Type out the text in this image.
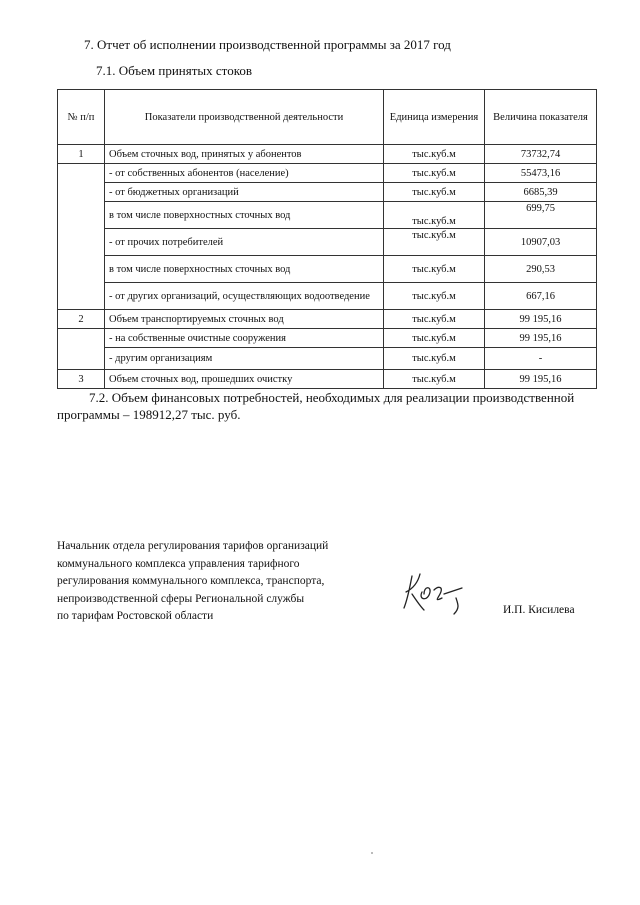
7. Отчет об исполнении производственной программы за 2017 год
7.1. Объем принятых стоков
№ п/п	Показатели производственной деятельности	Единица измерения	Величина показателя
1	Объем сточных вод, принятых у абонентов	тыс.куб.м	73732,74
	- от собственных абонентов (население)	тыс.куб.м	55473,16
	- от бюджетных организаций	тыс.куб.м	6685,39
	в том числе поверхностных сточных вод	тыс.куб.м	699,75
	- от прочих потребителей	тыс.куб.м	10907,03
	в том числе поверхностных сточных вод	тыс.куб.м	290,53
	- от других организаций, осуществляющих водоотведение	тыс.куб.м	667,16
2	Объем транспортируемых сточных вод	тыс.куб.м	99 195,16
	- на собственные очистные сооружения	тыс.куб.м	99 195,16
	- другим организациям	тыс.куб.м	-
3	Объем сточных вод, прошедших очистку	тыс.куб.м	99 195,16
7.2. Объем финансовых потребностей, необходимых для реализации производственной программы – 198912,27 тыс. руб.
Начальник отдела регулирования тарифов организаций
коммунального комплекса управления тарифного
регулирования коммунального комплекса, транспорта,
непроизводственной сферы Региональной службы
по тарифам Ростовской области	И.П. Кисилева
